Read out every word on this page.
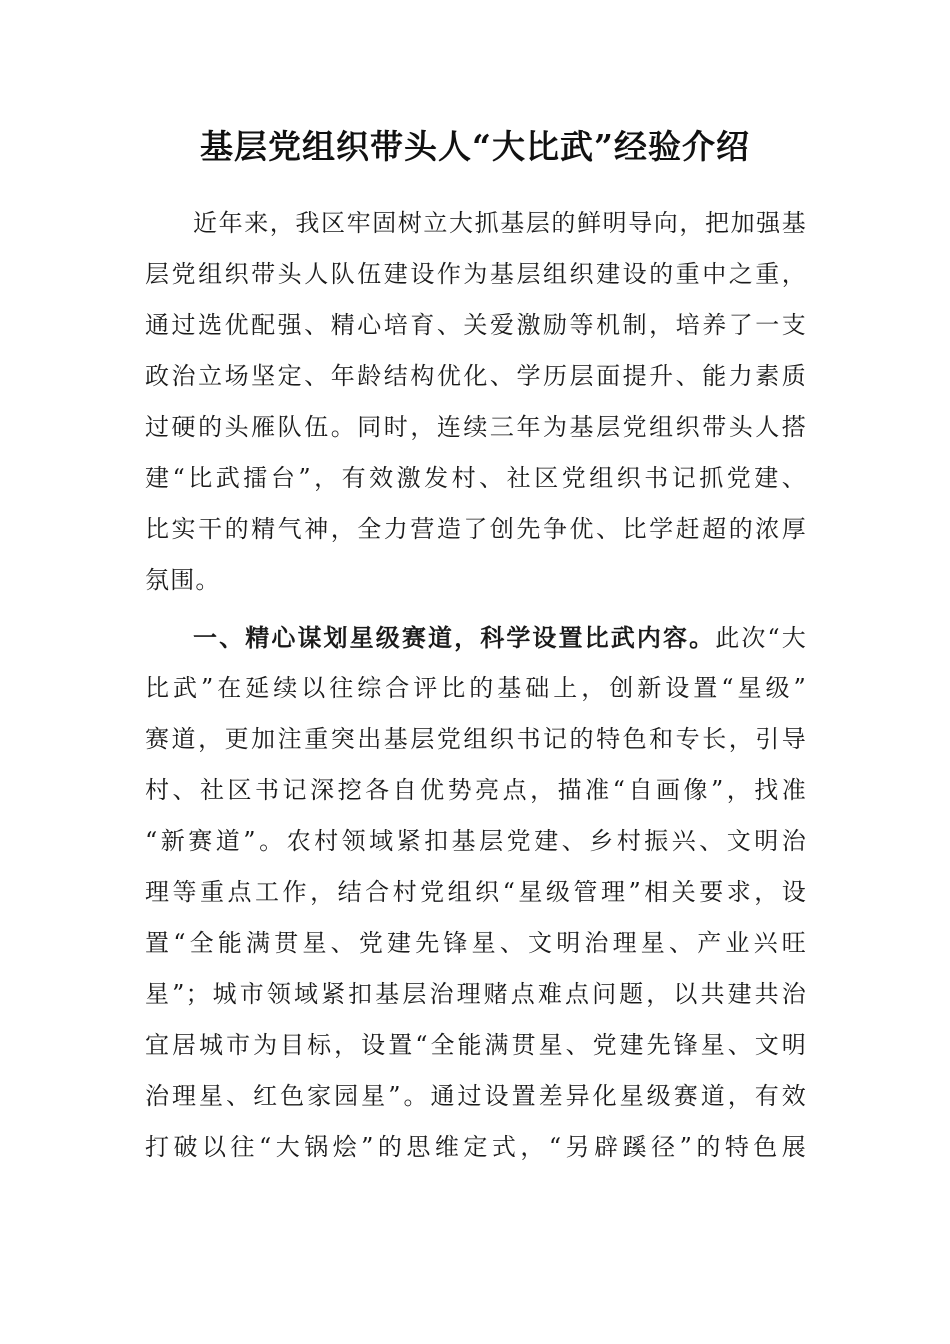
基层党组织带头人“大比武”经验介绍
近年来，我区牢固树立大抓基层的鲜明导向，把加强基
层党组织带头人队伍建设作为基层组织建设的重中之重，
通过选优配强、精心培育、关爱激励等机制，培养了一支
政治立场坚定、年龄结构优化、学历层面提升、能力素质
过硬的头雁队伍。同时，连续三年为基层党组织带头人搭
建“比武擂台”，有效激发村、社区党组织书记抓党建、
比实干的精气神，全力营造了创先争优、比学赶超的浓厚
氛围。
一、精心谋划星级赛道，科学设置比武内容。此次“大
比武”在延续以往综合评比的基础上，创新设置“星级”
赛道，更加注重突出基层党组织书记的特色和专长，引导
村、社区书记深挖各自优势亮点，描准“自画像”，找准
“新赛道”。农村领域紧扣基层党建、乡村振兴、文明治
理等重点工作，结合村党组织“星级管理”相关要求，设
置“全能满贯星、党建先锋星、文明治理星、产业兴旺
星”；城市领域紧扣基层治理赌点难点问题，以共建共治
宜居城市为目标，设置“全能满贯星、党建先锋星、文明
治理星、红色家园星”。通过设置差异化星级赛道，有效
打破以往“大锅烩”的思维定式，“另辟蹊径”的特色展
